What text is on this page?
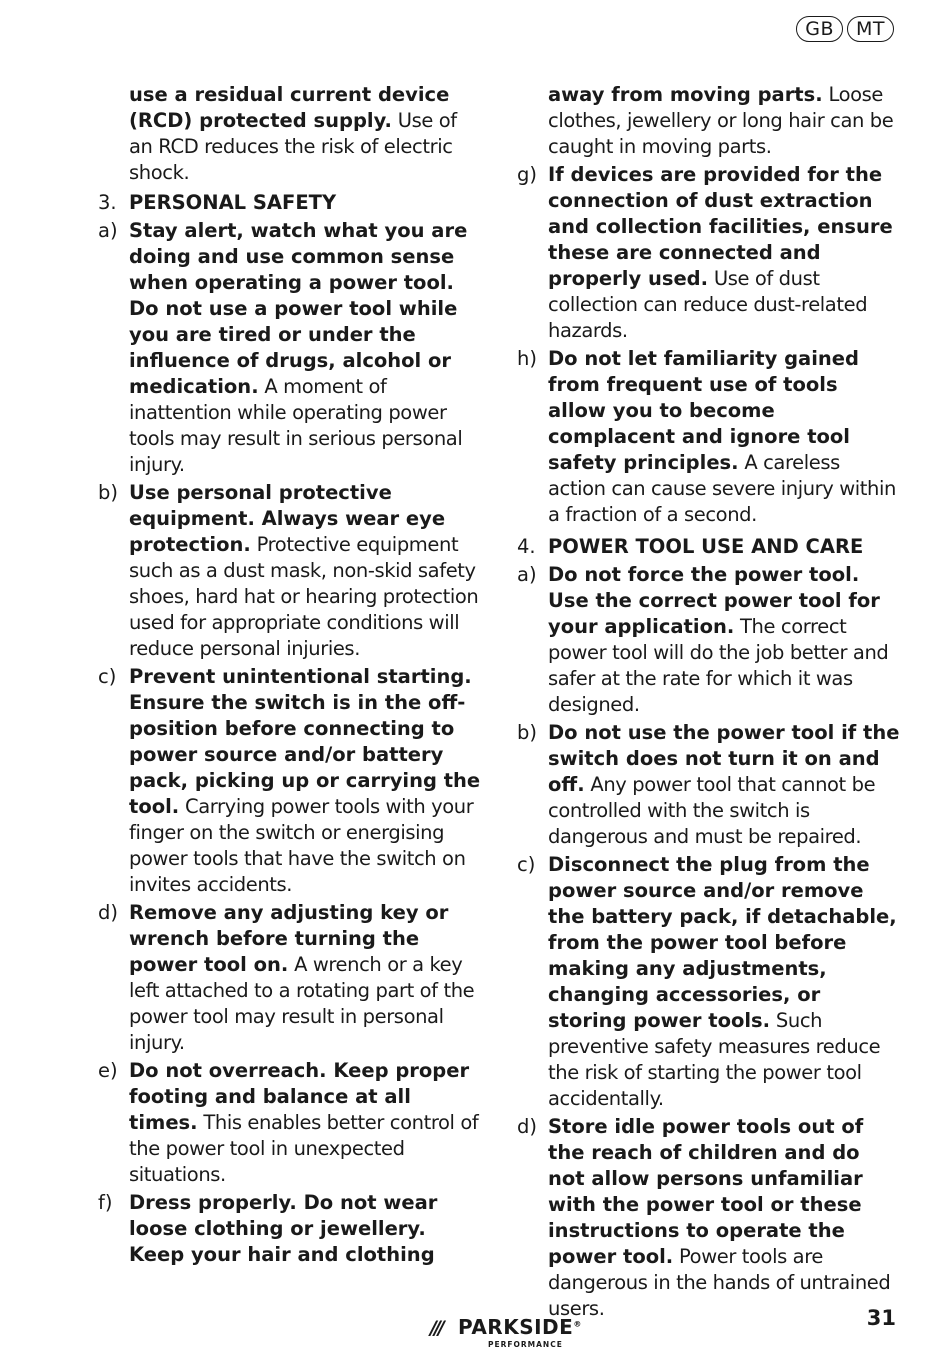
GB	MT
use a residual current device (RCD) protected supply. Use of an RCD reduces the risk of electric shock.
3. PERSONAL SAFETY
a) Stay alert, watch what you are doing and use common sense when operating a power tool. Do not use a power tool while you are tired or under the influence of drugs, alcohol or medication. A moment of inattention while operating power tools may result in serious personal injury.
b) Use personal protective equipment. Always wear eye protection. Protective equipment such as a dust mask, non-skid safety shoes, hard hat or hearing protection used for appropriate conditions will reduce personal injuries.
c) Prevent unintentional starting. Ensure the switch is in the off-position before connecting to power source and/or battery pack, picking up or carrying the tool. Carrying power tools with your finger on the switch or energising power tools that have the switch on invites accidents.
d) Remove any adjusting key or wrench before turning the power tool on. A wrench or a key left attached to a rotating part of the power tool may result in personal injury.
e) Do not overreach. Keep proper footing and balance at all times. This enables better control of the power tool in unexpected situations.
f) Dress properly. Do not wear loose clothing or jewellery. Keep your hair and clothing
away from moving parts. Loose clothes, jewellery or long hair can be caught in moving parts.
g) If devices are provided for the connection of dust extraction and collection facilities, ensure these are connected and properly used. Use of dust collection can reduce dust-related hazards.
h) Do not let familiarity gained from frequent use of tools allow you to become complacent and ignore tool safety principles. A careless action can cause severe injury within a fraction of a second.
4. POWER TOOL USE AND CARE
a) Do not force the power tool. Use the correct power tool for your application. The correct power tool will do the job better and safer at the rate for which it was designed.
b) Do not use the power tool if the switch does not turn it on and off. Any power tool that cannot be controlled with the switch is dangerous and must be repaired.
c) Disconnect the plug from the power source and/or remove the battery pack, if detachable, from the power tool before making any adjustments, changing accessories, or storing power tools. Such preventive safety measures reduce the risk of starting the power tool accidentally.
d) Store idle power tools out of the reach of children and do not allow persons unfamiliar with the power tool or these instructions to operate the power tool. Power tools are dangerous in the hands of untrained users.
/// PARKSIDE®
PERFORMANCE
31
